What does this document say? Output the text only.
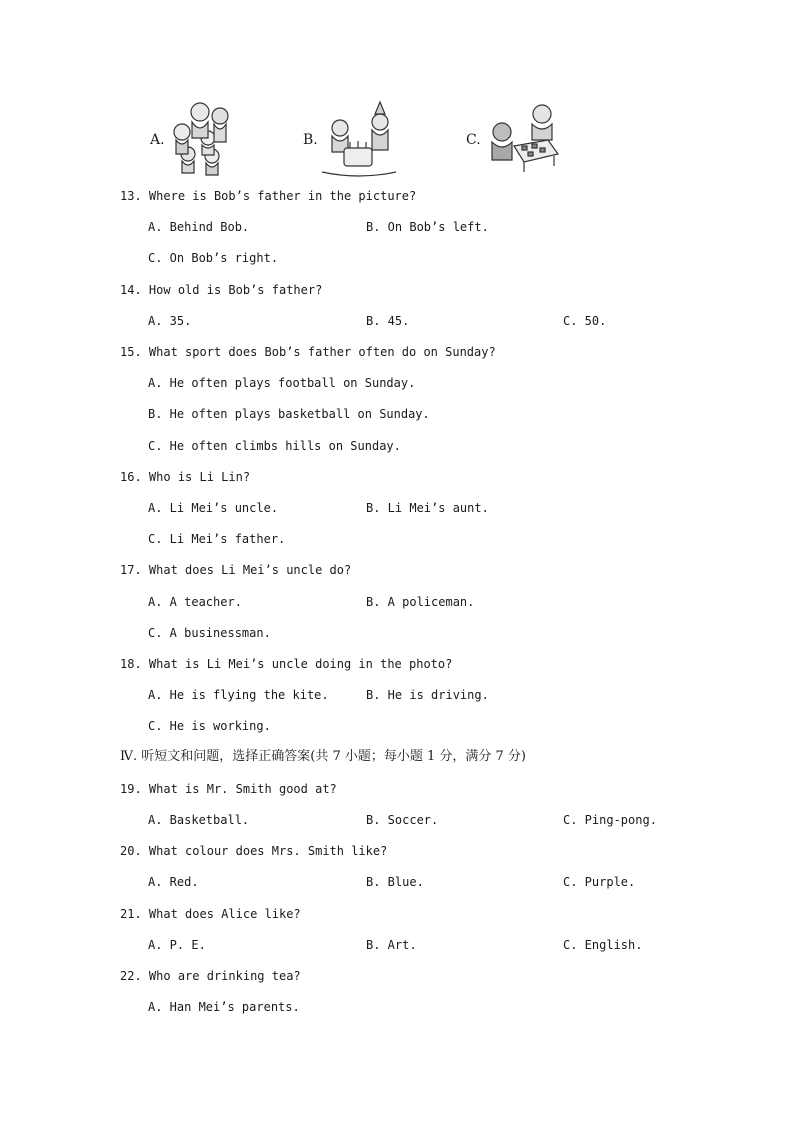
A.	B.	C.
13. Where is Bob’s father in the picture?
A. Behind Bob.	B. On Bob’s left.
C. On Bob’s right.
14. How old is Bob’s father?
A. 35.	B. 45.	C. 50.
15. What sport does Bob’s father often do on Sunday?
A. He often plays football on Sunday.
B. He often plays basketball on Sunday.
C. He often climbs hills on Sunday.
16. Who is Li Lin?
A. Li Mei’s uncle.	B. Li Mei’s aunt.
C. Li Mei’s father.
17. What does Li Mei’s uncle do?
A. A teacher.	B. A policeman.
C. A businessman.
18. What is Li Mei’s uncle doing in the photo?
A. He is flying the kite.	B. He is driving.
C. He is working.
Ⅳ. 听短文和问题，选择正确答案(共 7 小题；每小题 1 分，满分 7 分)
19. What is Mr. Smith good at?
A. Basketball.	B. Soccer.	C. Ping-pong.
20. What colour does Mrs. Smith like?
A. Red.	B. Blue.	C. Purple.
21. What does Alice like?
A. P. E.	B. Art.	C. English.
22. Who are drinking tea?
A. Han Mei’s parents.
